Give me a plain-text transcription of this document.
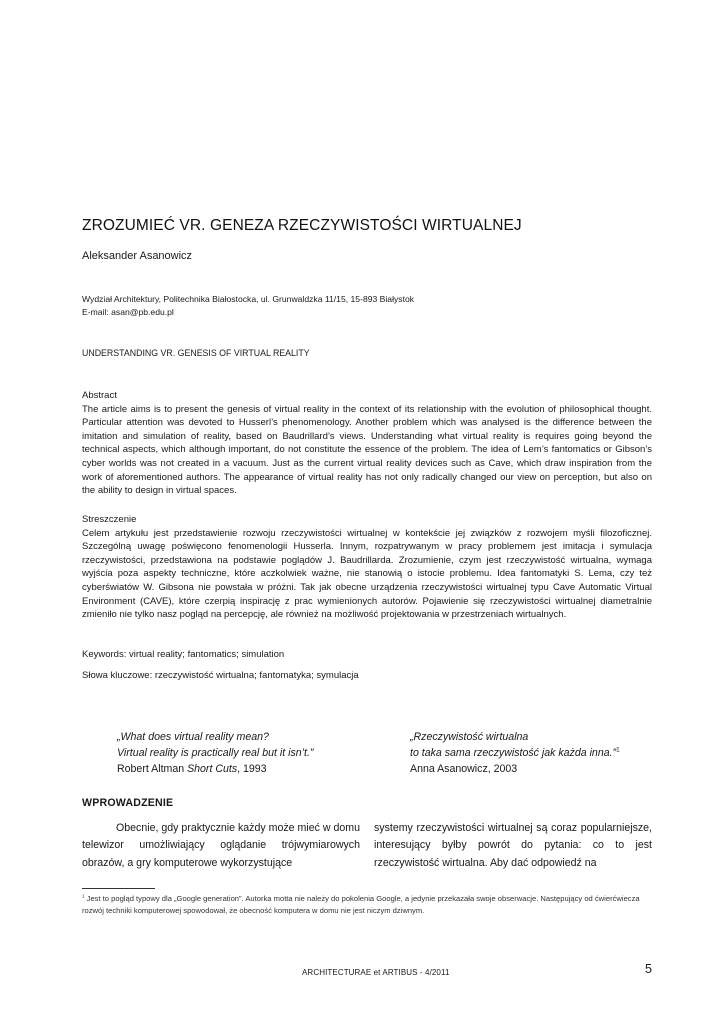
ZROZUMIEĆ VR. GENEZA RZECZYWISTOŚCI WIRTUALNEJ
Aleksander Asanowicz
Wydział Architektury, Politechnika Białostocka, ul. Grunwaldzka 11/15, 15-893 Białystok
E-mail: asan@pb.edu.pl
UNDERSTANDING VR. GENESIS OF VIRTUAL REALITY
Abstract
The article aims is to present the genesis of virtual reality in the context of its relationship with the evolution of philosophical thought. Particular attention was devoted to Husserl’s phenomenology. Another problem which was analysed is the difference between the imitation and simulation of reality, based on Baudrillard’s views. Understanding what virtual reality is requires going beyond the technical aspects, which although important, do not constitute the essence of the problem. The idea of Lem’s fantomatics or Gibson’s cyber worlds was not created in a vacuum. Just as the current virtual reality devices such as Cave, which draw inspiration from the work of aforementioned authors. The appearance of virtual reality has not only radically changed our view on perception, but also on the ability to design in virtual spaces.
Streszczenie
Celem artykułu jest przedstawienie rozwoju rzeczywistości wirtualnej w kontekście jej związków z rozwojem myśli filozoficznej. Szczególną uwagę poświęcono fenomenologii Husserla. Innym, rozpatrywanym w pracy problemem jest imitacja i symulacja rzeczywistości, przedstawiona na podstawie poglądów J. Baudrillarda. Zrozumienie, czym jest rzeczywistość wirtualna, wymaga wyjścia poza aspekty techniczne, które aczkolwiek ważne, nie stanowią o istocie problemu. Idea fantomatyki S. Lema, czy też cyberświatów W. Gibsona nie powstała w próżni. Tak jak obecne urządzenia rzeczywistości wirtualnej typu Cave Automatic Virtual Environment (CAVE), które czerpią inspirację z prac wymienionych autorów. Pojawienie się rzeczywistości wirtualnej diametralnie zmieniło nie tylko nasz pogląd na percepcję, ale również na możliwość projektowania w przestrzeniach wirtualnych.
Keywords: virtual reality; fantomatics; simulation
Słowa kluczowe: rzeczywistość wirtualna; fantomatyka; symulacja
„What does virtual reality mean?
Virtual reality is practically real but it isn’t.”
Robert Altman Short Cuts, 1993
„Rzeczywistość wirtualna
to taka sama rzeczywistość jak każda inna.”$^1$
Anna Asanowicz, 2003
WPROWADZENIE
Obecnie, gdy praktycznie każdy może mieć w domu telewizor umożliwiający oglądanie trójwymiarowych obrazów, a gry komputerowe wykorzystujące
systemy rzeczywistości wirtualnej są coraz popularniejsze, interesujący byłby powrót do pytania: co to jest rzeczywistość wirtualna. Aby dać odpowiedź na
$^1$ Jest to pogląd typowy dla „Google generation”. Autorka motta nie należy do pokolenia Google, a jedynie przekazała swoje obserwacje. Następujący od ćwierćwiecza rozwój techniki komputerowej spowodował, że obecność komputera w domu nie jest niczym dziwnym.
ARCHITECTURAE et ARTIBUS - 4/2011	5
